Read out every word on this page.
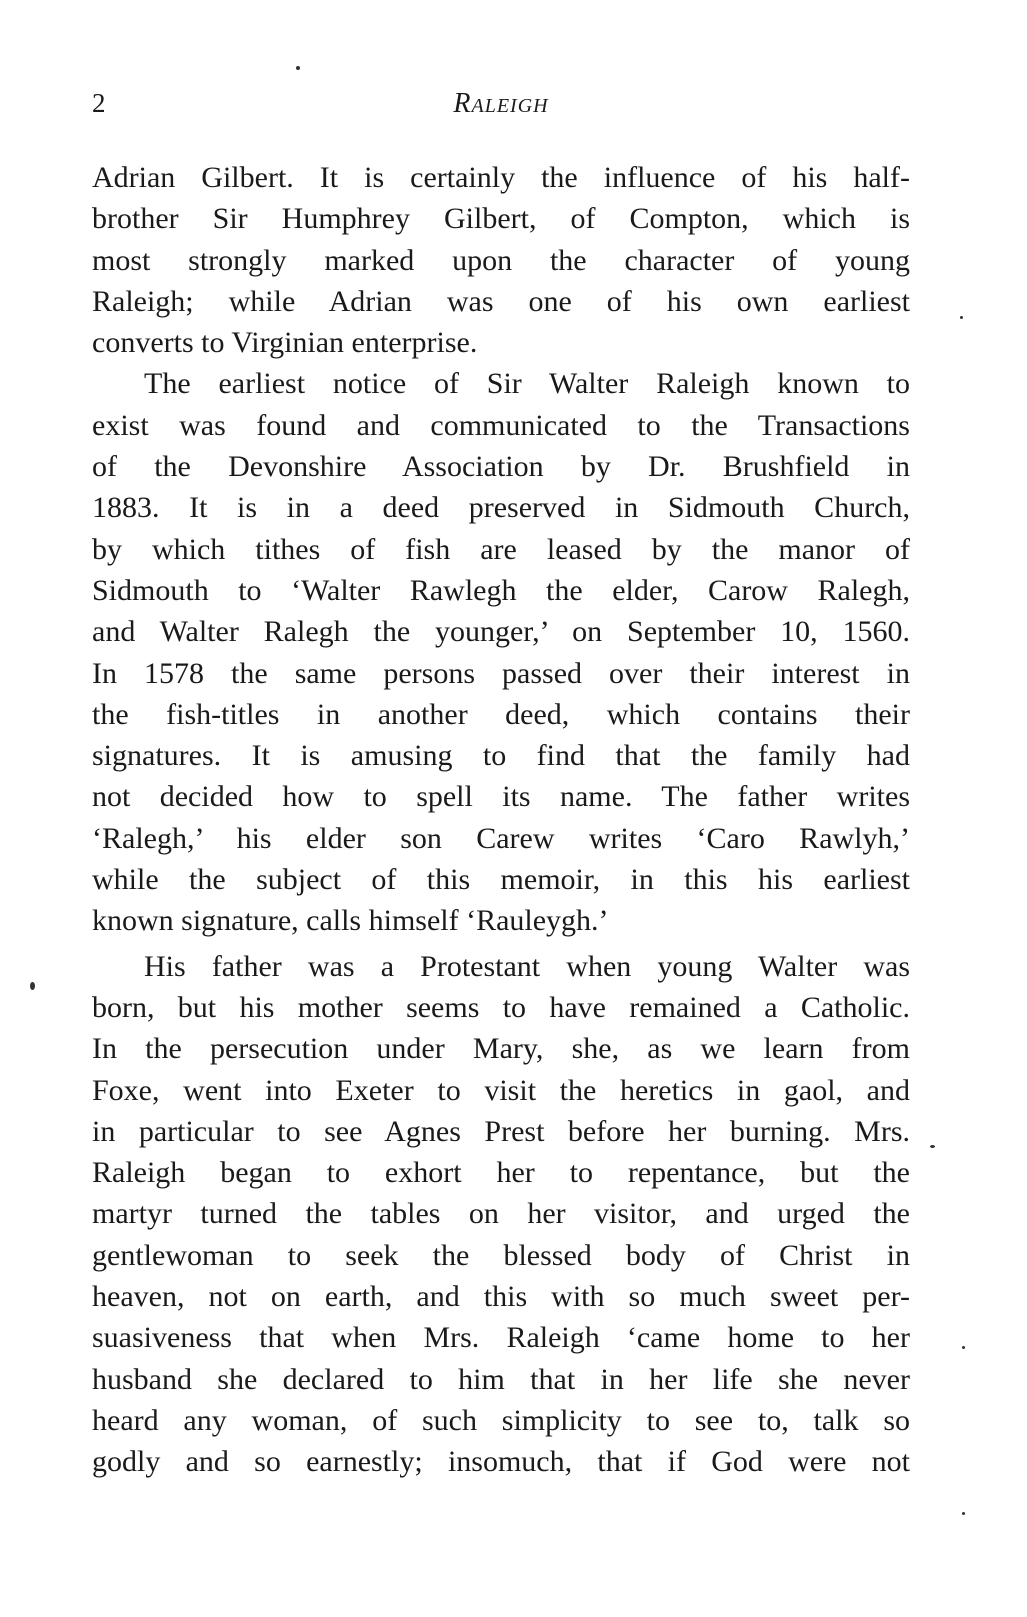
2	Raleigh
Adrian Gilbert. It is certainly the influence of his half-
brother Sir Humphrey Gilbert, of Compton, which is
most strongly marked upon the character of young
Raleigh; while Adrian was one of his own earliest
converts to Virginian enterprise.
The earliest notice of Sir Walter Raleigh known to
exist was found and communicated to the Transactions
of the Devonshire Association by Dr. Brushfield in
1883. It is in a deed preserved in Sidmouth Church,
by which tithes of fish are leased by the manor of
Sidmouth to ‘Walter Rawlegh the elder, Carow Ralegh,
and Walter Ralegh the younger,’ on September 10, 1560.
In 1578 the same persons passed over their interest in
the fish-titles in another deed, which contains their
signatures. It is amusing to find that the family had
not decided how to spell its name. The father writes
‘Ralegh,’ his elder son Carew writes ‘Caro Rawlyh,’
while the subject of this memoir, in this his earliest
known signature, calls himself ‘Rauleygh.’
His father was a Protestant when young Walter was
born, but his mother seems to have remained a Catholic.
In the persecution under Mary, she, as we learn from
Foxe, went into Exeter to visit the heretics in gaol, and
in particular to see Agnes Prest before her burning. Mrs.
Raleigh began to exhort her to repentance, but the
martyr turned the tables on her visitor, and urged the
gentlewoman to seek the blessed body of Christ in
heaven, not on earth, and this with so much sweet per-
suasiveness that when Mrs. Raleigh ‘came home to her
husband she declared to him that in her life she never
heard any woman, of such simplicity to see to, talk so
godly and so earnestly; insomuch, that if God were not
